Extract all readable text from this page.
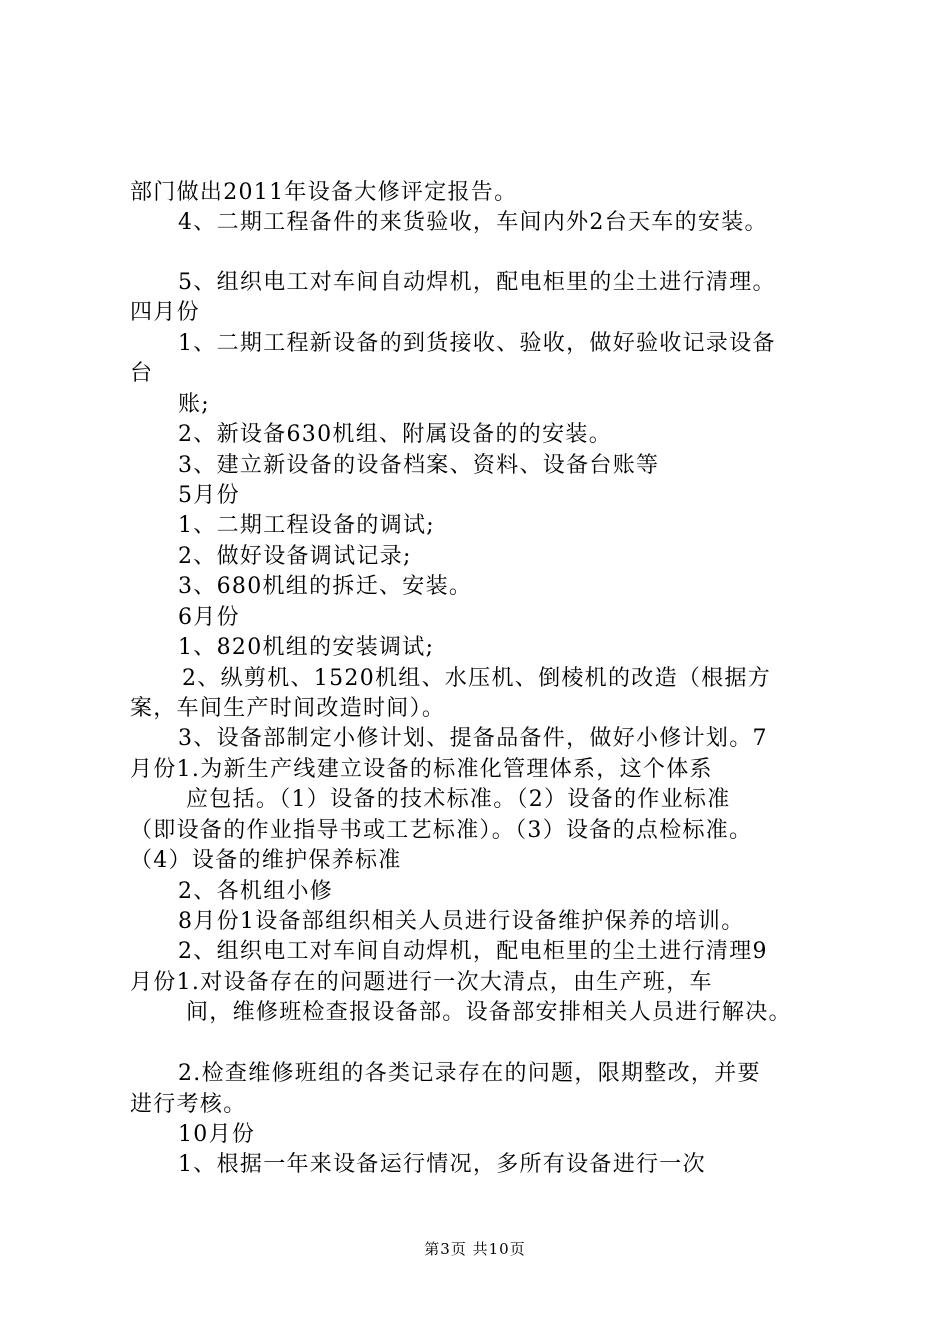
部门做出2011年设备大修评定报告。
4、二期工程备件的来货验收，车间内外2台天车的安装。
5、组织电工对车间自动焊机，配电柜里的尘土进行清理。
四月份
1、二期工程新设备的到货接收、验收，做好验收记录设备
台
账;
2、新设备630机组、附属设备的的安装。
3、建立新设备的设备档案、资料、设备台账等
5月份
1、二期工程设备的调试;
2、做好设备调试记录;
3、680机组的拆迁、安装。
6月份
1、820机组的安装调试;
2、纵剪机、1520机组、水压机、倒棱机的改造（根据方
案，车间生产时间改造时间）。
3、设备部制定小修计划、提备品备件，做好小修计划。7
月份1.为新生产线建立设备的标准化管理体系，这个体系
应包括。（1）设备的技术标准。（2）设备的作业标准
（即设备的作业指导书或工艺标准）。（3）设备的点检标准。
（4）设备的维护保养标准
2、各机组小修
8月份1设备部组织相关人员进行设备维护保养的培训。
2、组织电工对车间自动焊机，配电柜里的尘土进行清理9
月份1.对设备存在的问题进行一次大清点，由生产班，车
间，维修班检查报设备部。设备部安排相关人员进行解决。
2.检查维修班组的各类记录存在的问题，限期整改，并要
进行考核。
10月份
1、根据一年来设备运行情况，多所有设备进行一次
第3页 共10页
